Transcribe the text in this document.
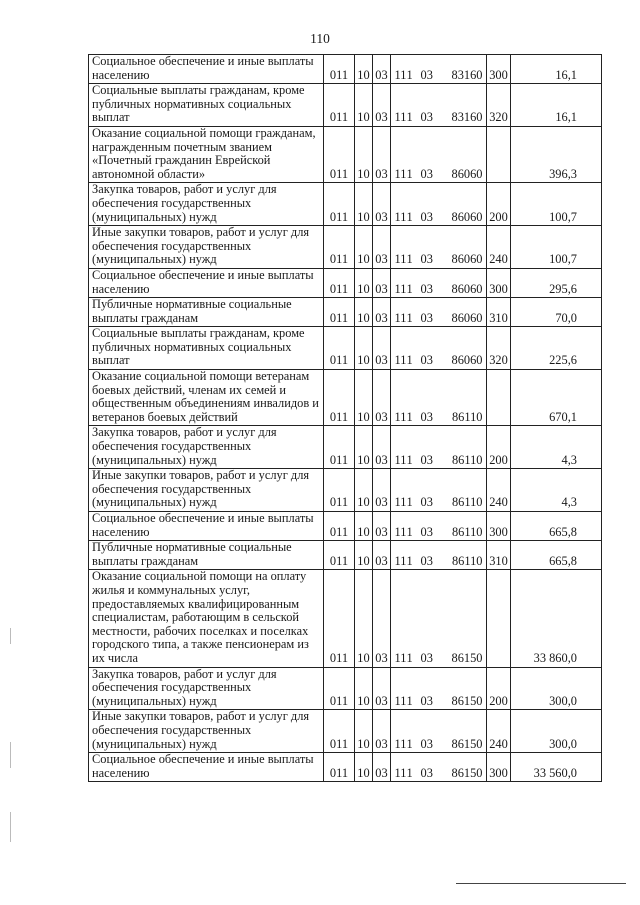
110
Социальное обеспечение и иные выплаты населению	011	10	03	111 03 83160	300	16,1
Социальные выплаты гражданам, кроме публичных нормативных социальных выплат	011	10	03	111 03 83160	320	16,1
Оказание социальной помощи гражданам, награжденным почетным званием «Почетный гражданин Еврейской автономной области»	011	10	03	111 03 86060		396,3
Закупка товаров, работ и услуг для обеспечения государственных (муниципальных) нужд	011	10	03	111 03 86060	200	100,7
Иные закупки товаров, работ и услуг для обеспечения государственных (муниципальных) нужд	011	10	03	111 03 86060	240	100,7
Социальное обеспечение и иные выплаты населению	011	10	03	111 03 86060	300	295,6
Публичные нормативные социальные выплаты гражданам	011	10	03	111 03 86060	310	70,0
Социальные выплаты гражданам, кроме публичных нормативных социальных выплат	011	10	03	111 03 86060	320	225,6
Оказание социальной помощи ветеранам боевых действий, членам их семей и общественным объединениям инвалидов и ветеранов боевых действий	011	10	03	111 03 86110		670,1
Закупка товаров, работ и услуг для обеспечения государственных (муниципальных) нужд	011	10	03	111 03 86110	200	4,3
Иные закупки товаров, работ и услуг для обеспечения государственных (муниципальных) нужд	011	10	03	111 03 86110	240	4,3
Социальное обеспечение и иные выплаты населению	011	10	03	111 03 86110	300	665,8
Публичные нормативные социальные выплаты гражданам	011	10	03	111 03 86110	310	665,8
Оказание социальной помощи на оплату жилья и коммунальных услуг, предоставляемых квалифицированным специалистам, работающим в сельской местности, рабочих поселках и поселках городского типа, а также пенсионерам из их числа	011	10	03	111 03 86150		33 860,0
Закупка товаров, работ и услуг для обеспечения государственных (муниципальных) нужд	011	10	03	111 03 86150	200	300,0
Иные закупки товаров, работ и услуг для обеспечения государственных (муниципальных) нужд	011	10	03	111 03 86150	240	300,0
Социальное обеспечение и иные выплаты населению	011	10	03	111 03 86150	300	33 560,0
